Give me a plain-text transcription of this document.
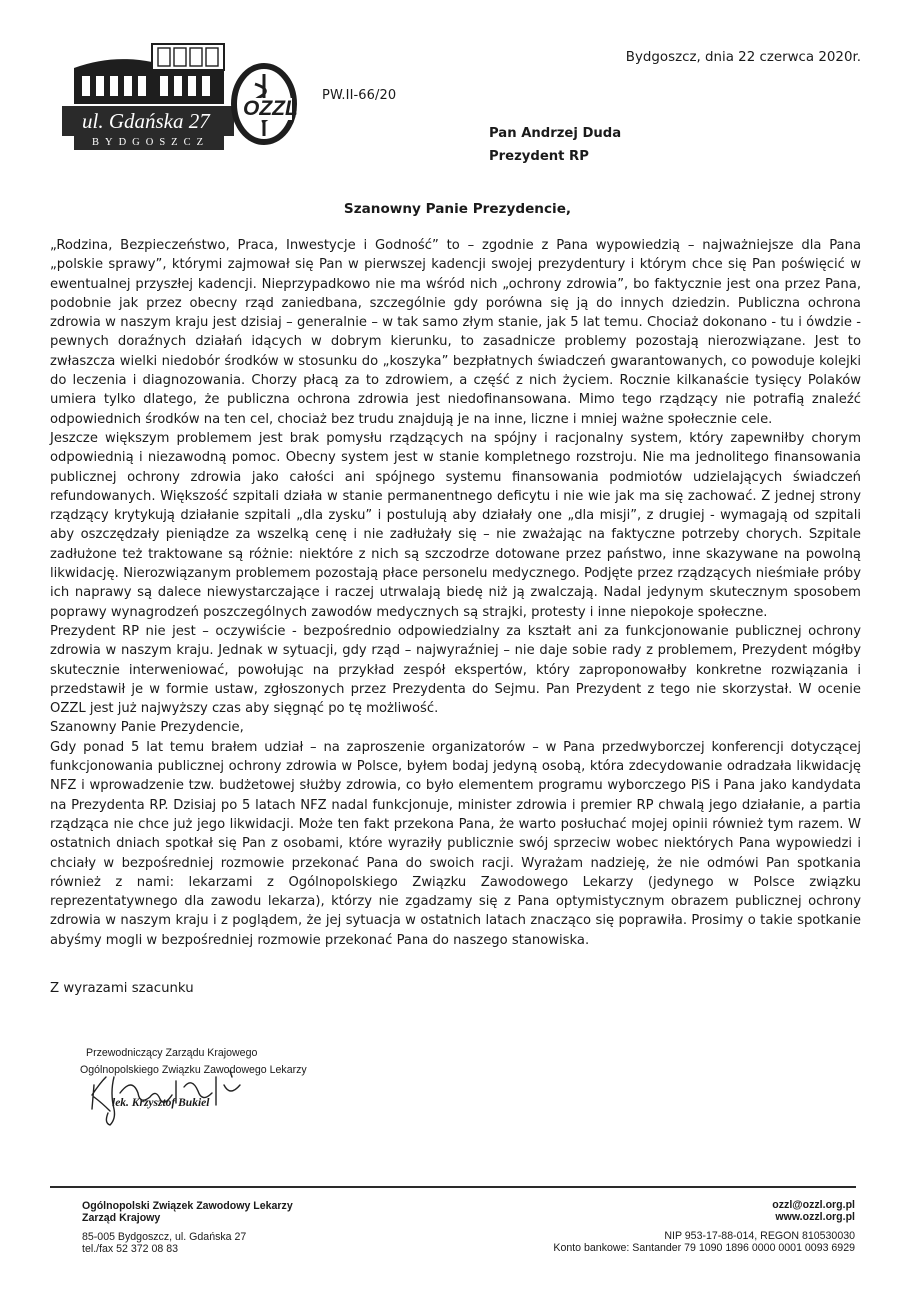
ul. Gdańska 27
BYDGOSZCZ
OZZL
PW.II-66/20
Bydgoszcz, dnia 22 czerwca 2020r.
Pan Andrzej Duda
Prezydent RP
Szanowny Panie Prezydencie,

„Rodzina, Bezpieczeństwo, Praca, Inwestycje i Godność” to – zgodnie z Pana wypowiedzią – najważniejsze dla Pana „polskie sprawy”, którymi zajmował się Pan w pierwszej kadencji swojej prezydentury i którym chce się Pan poświęcić w ewentualnej przyszłej kadencji. Nieprzypadkowo nie ma wśród nich „ochrony zdrowia”, bo faktycznie jest ona przez Pana, podobnie jak przez obecny rząd zaniedbana, szczególnie gdy porówna się ją do innych dziedzin. Publiczna ochrona zdrowia w naszym kraju jest dzisiaj – generalnie – w tak samo złym stanie, jak 5 lat temu. Chociaż dokonano - tu i ówdzie - pewnych doraźnych działań idących w dobrym kierunku, to zasadnicze problemy pozostają nierozwiązane. Jest to zwłaszcza wielki niedobór środków w stosunku do „koszyka” bezpłatnych świadczeń gwarantowanych, co powoduje kolejki do leczenia i diagnozowania. Chorzy płacą za to zdrowiem, a część z nich życiem. Rocznie kilkanaście tysięcy Polaków umiera tylko dlatego, że publiczna ochrona zdrowia jest niedofinansowana. Mimo tego rządzący nie potrafią znaleźć odpowiednich środków na ten cel, chociaż bez trudu znajdują je na inne, liczne i mniej ważne społecznie cele.

Jeszcze większym problemem jest brak pomysłu rządzących na spójny i racjonalny system, który zapewniłby chorym odpowiednią i niezawodną pomoc. Obecny system jest w stanie kompletnego rozstroju. Nie ma jednolitego finansowania publicznej ochrony zdrowia jako całości ani spójnego systemu finansowania podmiotów udzielających świadczeń refundowanych. Większość szpitali działa w stanie permanentnego deficytu i nie wie jak ma się zachować. Z jednej strony rządzący krytykują działanie szpitali „dla zysku” i postulują aby działały one „dla misji”, z drugiej - wymagają od szpitali aby oszczędzały pieniądze za wszelką cenę i nie zadłużały się – nie zważając na faktyczne potrzeby chorych. Szpitale zadłużone też traktowane są różnie: niektóre z nich są szczodrze dotowane przez państwo, inne skazywane na powolną likwidację. Nierozwiązanym problemem pozostają płace personelu medycznego. Podjęte przez rządzących nieśmiałe próby ich naprawy są dalece niewystarczające i raczej utrwalają biedę niż ją zwalczają. Nadal jedynym skutecznym sposobem poprawy wynagrodzeń poszczególnych zawodów medycznych są strajki, protesty i inne niepokoje społeczne.

Prezydent RP nie jest – oczywiście - bezpośrednio odpowiedzialny za kształt ani za funkcjonowanie publicznej ochrony zdrowia w naszym kraju. Jednak w sytuacji, gdy rząd – najwyraźniej – nie daje sobie rady z problemem, Prezydent mógłby skutecznie interweniować, powołując na przykład zespół ekspertów, który zaproponowałby konkretne rozwiązania i przedstawił je w formie ustaw, zgłoszonych przez Prezydenta do Sejmu. Pan Prezydent z tego nie skorzystał. W ocenie OZZL jest już najwyższy czas aby sięgnąć po tę możliwość.

Szanowny Panie Prezydencie,

Gdy ponad 5 lat temu brałem udział – na zaproszenie organizatorów – w Pana przedwyborczej konferencji dotyczącej funkcjonowania publicznej ochrony zdrowia w Polsce, byłem bodaj jedyną osobą, która zdecydowanie odradzała likwidację NFZ i wprowadzenie tzw. budżetowej służby zdrowia, co było elementem programu wyborczego PiS i Pana jako kandydata na Prezydenta RP. Dzisiaj po 5 latach NFZ nadal funkcjonuje, minister zdrowia i premier RP chwalą jego działanie, a partia rządząca nie chce już jego likwidacji. Może ten fakt przekona Pana, że warto posłuchać mojej opinii również tym razem. W ostatnich dniach spotkał się Pan z osobami, które wyraziły publicznie swój sprzeciw wobec niektórych Pana wypowiedzi i chciały w bezpośredniej rozmowie przekonać Pana do swoich racji. Wyrażam nadzieję, że nie odmówi Pan spotkania również z nami: lekarzami z Ogólnopolskiego Związku Zawodowego Lekarzy (jedynego w Polsce związku reprezentatywnego dla zawodu lekarza), którzy nie zgadzamy się z Pana optymistycznym obrazem publicznej ochrony zdrowia w naszym kraju i z poglądem, że jej sytuacja w ostatnich latach znacząco się poprawiła. Prosimy o takie spotkanie abyśmy mogli w bezpośredniej rozmowie przekonać Pana do naszego stanowiska.

Z wyrazami szacunku
Przewodniczący Zarządu Krajowego
Ogólnopolskiego Związku Zawodowego Lekarzy
lek. Krzysztof Bukiel
Ogólnopolski Związek Zawodowy Lekarzy
Zarząd Krajowy
85-005 Bydgoszcz, ul. Gdańska 27
tel./fax 52 372 08 83
ozzl@ozzl.org.pl
www.ozzl.org.pl
NIP 953-17-88-014, REGON 810530030
Konto bankowe: Santander 79 1090 1896 0000 0001 0093 6929
